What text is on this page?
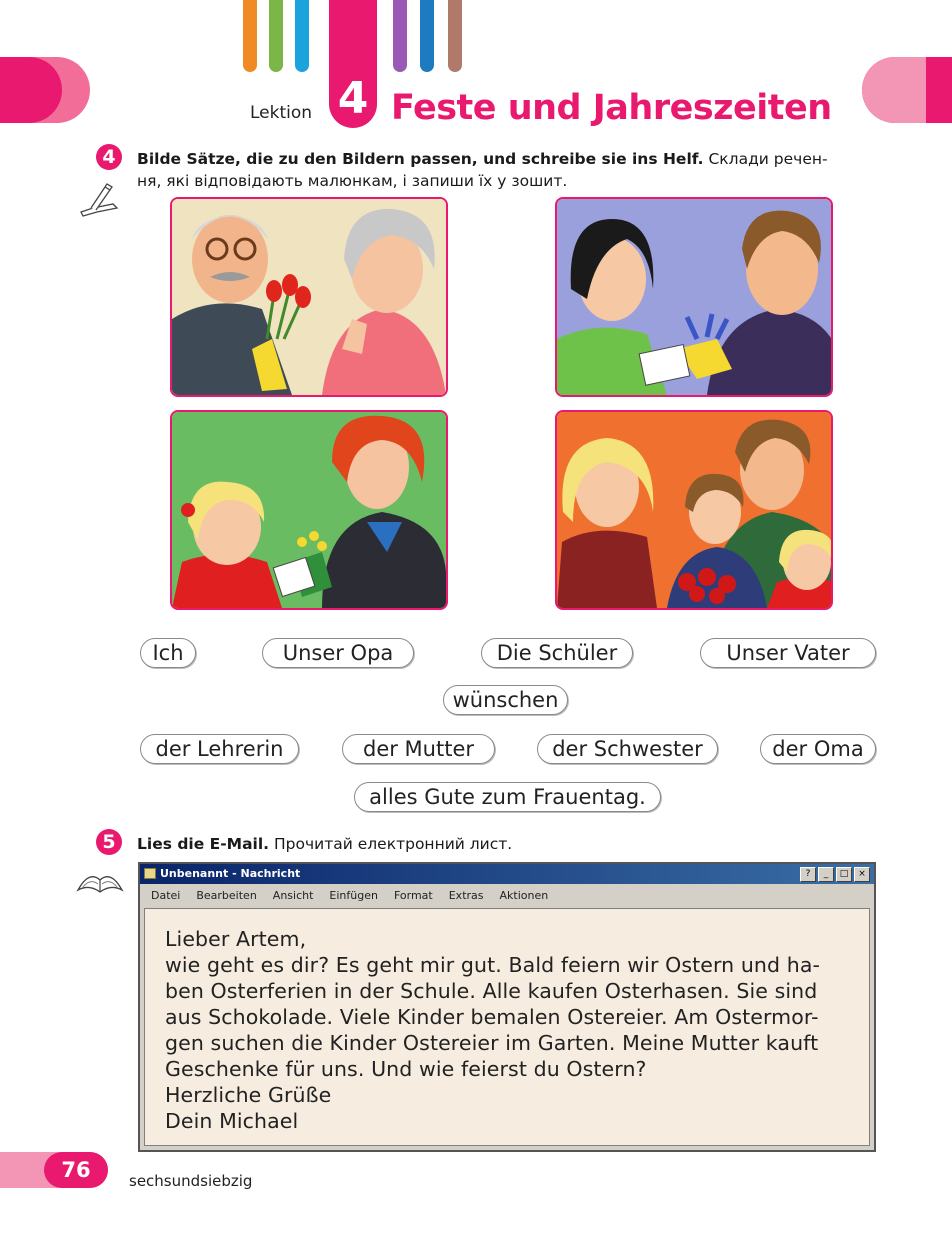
Lektion 4 Feste und Jahreszeiten
4	Bilde Sätze, die zu den Bildern passen, und schreibe sie ins Helf. Склади речен-
ня, які відповідають малюнкам, і запиши їх у зошит.
Ich	Unser Opa	Die Schüler	Unser Vater
wünschen
der Lehrerin	der Mutter	der Schwester	der Oma
alles Gute zum Frauentag.
5	Lies die E-Mail. Прочитай електронний лист.
Unbenannt - Nachricht	?	_	□	×
Datei Bearbeiten Ansicht Einfügen Format Extras Aktionen
Lieber Artem,
wie geht es dir? Es geht mir gut. Bald feiern wir Ostern und ha-
ben Osterferien in der Schule. Alle kaufen Osterhasen. Sie sind
aus Schokolade. Viele Kinder bemalen Ostereier. Am Ostermor-
gen suchen die Kinder Ostereier im Garten. Meine Mutter kauft
Geschenke für uns. Und wie feierst du Ostern?
Herzliche Grüße
Dein Michael
76	sechsundsiebzig
